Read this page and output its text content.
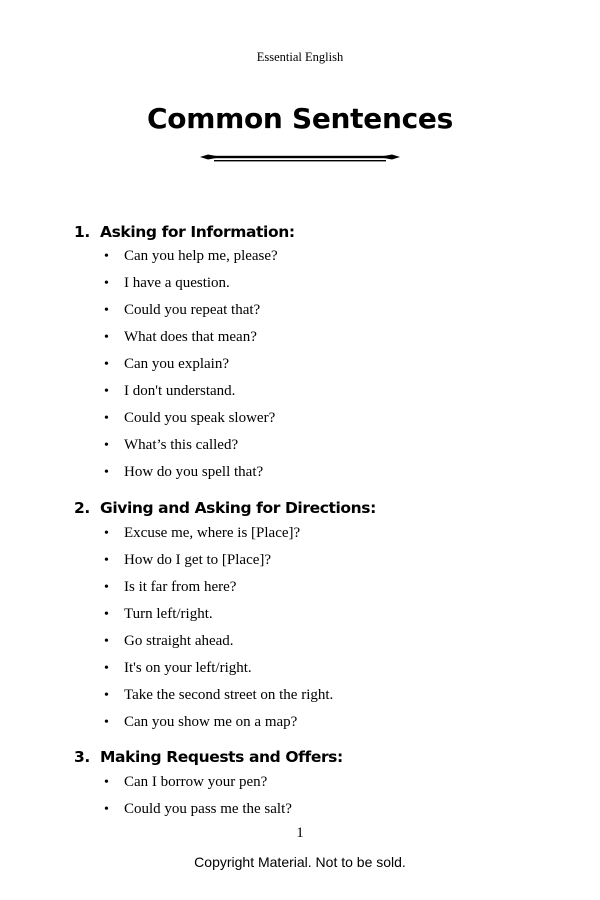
Essential English
Common Sentences
1. Asking for Information:
• Can you help me, please?
• I have a question.
• Could you repeat that?
• What does that mean?
• Can you explain?
• I don't understand.
• Could you speak slower?
• What’s this called?
• How do you spell that?
2. Giving and Asking for Directions:
• Excuse me, where is [Place]?
• How do I get to [Place]?
• Is it far from here?
• Turn left/right.
• Go straight ahead.
• It's on your left/right.
• Take the second street on the right.
• Can you show me on a map?
3. Making Requests and Offers:
• Can I borrow your pen?
• Could you pass me the salt?
1
Copyright Material. Not to be sold.
